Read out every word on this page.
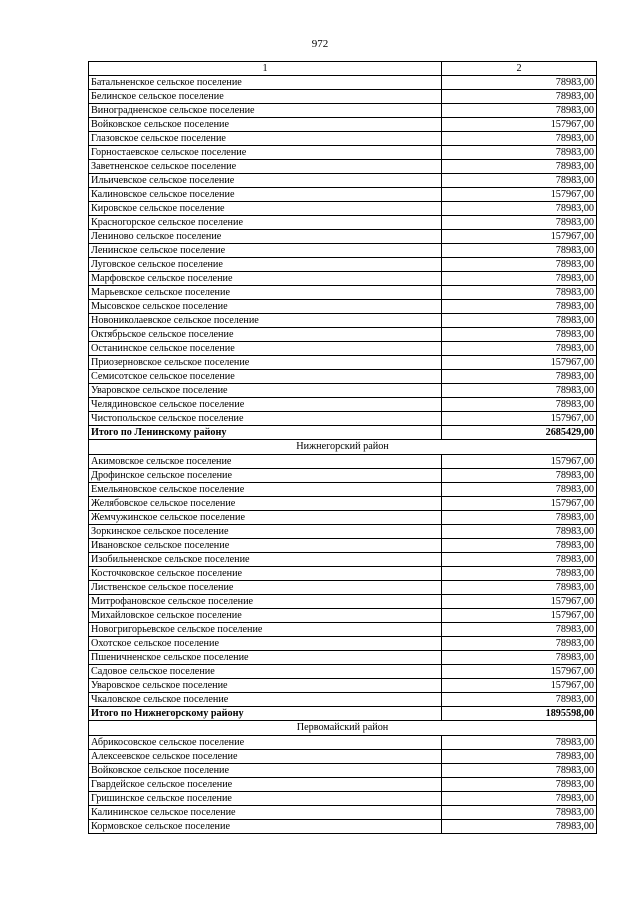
972
1	2
Батальненское сельское поселение	78983,00
Белинское сельское поселение	78983,00
Виноградненское сельское поселение	78983,00
Войковское сельское поселение	157967,00
Глазовское сельское поселение	78983,00
Горностаевское сельское поселение	78983,00
Заветненское сельское поселение	78983,00
Ильичевское сельское поселение	78983,00
Калиновское сельское поселение	157967,00
Кировское сельское поселение	78983,00
Красногорское сельское поселение	78983,00
Лениново сельское поселение	157967,00
Ленинское сельское поселение	78983,00
Луговское сельское поселение	78983,00
Марфовское сельское поселение	78983,00
Марьевское сельское поселение	78983,00
Мысовское сельское поселение	78983,00
Новониколаевское сельское поселение	78983,00
Октябрьское сельское поселение	78983,00
Останинское сельское поселение	78983,00
Приозерновское сельское поселение	157967,00
Семисотское сельское поселение	78983,00
Уваровское сельское поселение	78983,00
Челядиновское сельское поселение	78983,00
Чистопольское сельское поселение	157967,00
Итого по Ленинскому району	2685429,00
Нижнегорский район	
Акимовское сельское поселение	157967,00
Дрофинское сельское поселение	78983,00
Емельяновское сельское поселение	78983,00
Желябовское сельское поселение	157967,00
Жемчужинское сельское поселение	78983,00
Зоркинское сельское поселение	78983,00
Ивановское сельское поселение	78983,00
Изобильненское сельское поселение	78983,00
Косточковское сельское поселение	78983,00
Лиственское сельское поселение	78983,00
Митрофановское сельское поселение	157967,00
Михайловское сельское поселение	157967,00
Новогригорьевское сельское поселение	78983,00
Охотское сельское поселение	78983,00
Пшеничненское сельское поселение	78983,00
Садовое сельское поселение	157967,00
Уваровское сельское поселение	157967,00
Чкаловское сельское поселение	78983,00
Итого по Нижнегорскому району	1895598,00
Первомайский район	
Абрикосовское сельское поселение	78983,00
Алексеевское сельское поселение	78983,00
Войковское сельское поселение	78983,00
Гвардейское сельское поселение	78983,00
Гришинское сельское поселение	78983,00
Калининское сельское поселение	78983,00
Кормовское сельское поселение	78983,00
